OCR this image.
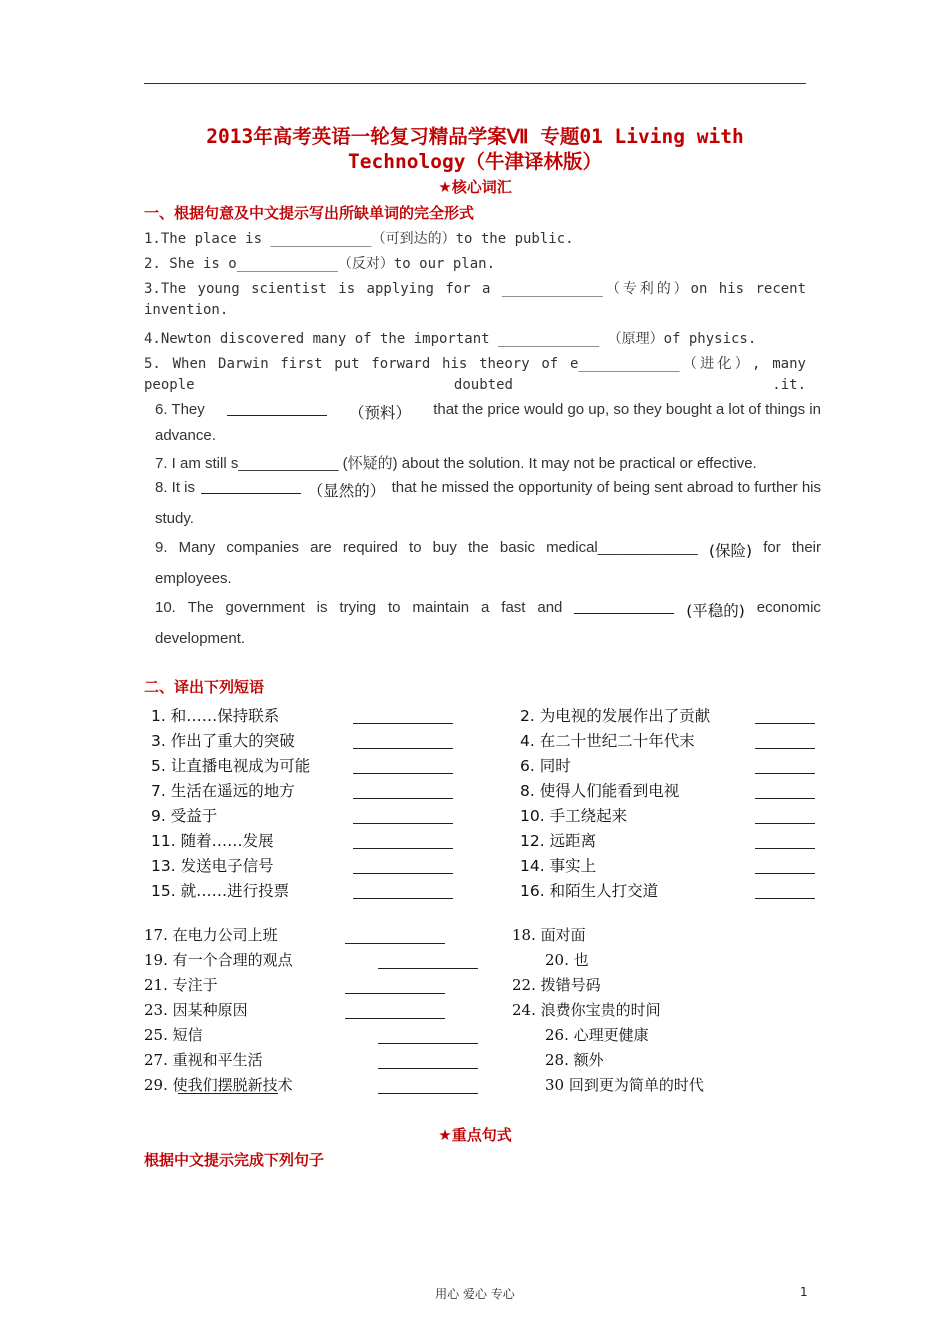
2013年高考英语一轮复习精品学案Ⅶ 专题01 Living with
Technology（牛津译林版）
★核心词汇
一、根据句意及中文提示写出所缺单词的完全形式
1.The place is ____________（可到达的）to the public.
2. She is o____________（反对）to our plan.
3.The young scientist is applying for a ____________（专利的）on his recent
invention.
4.Newton discovered many of the important ____________ （原理）of physics.
5. When Darwin first put forward his theory of e____________（进化）, many
people	doubted	.it.
6. They	（预料） that the price would go up, so they bought a lot of things in
advance.
7. I am still s____________ (怀疑的) about the solution. It may not be practical or effective.
8. It is	（显然的） that he missed the opportunity of being sent abroad to further his
study.
9. Many companies are required to buy the basic medical____________ (保险) for their
employees.
10. The government is trying to maintain a fast and	(平稳的) economic
development.
二、译出下列短语
1. 和……保持联系	2. 为电视的发展作出了贡献
3. 作出了重大的突破	4. 在二十世纪二十年代末
5. 让直播电视成为可能	6. 同时
7. 生活在遥远的地方	8. 使得人们能看到电视
9. 受益于	10. 手工绕起来
11. 随着……发展	12. 远距离
13. 发送电子信号	14. 事实上
15. 就……进行投票	16. 和陌生人打交道
17. 在电力公司上班	18. 面对面
19. 有一个合理的观点	20. 也
21. 专注于	22. 拨错号码
23. 因某种原因	24. 浪费你宝贵的时间
25. 短信	26. 心理更健康
27. 重视和平生活	28. 额外
29. 使我们摆脱新技术	30 回到更为简单的时代
★重点句式
根据中文提示完成下列句子
用心 爱心 专心	1
